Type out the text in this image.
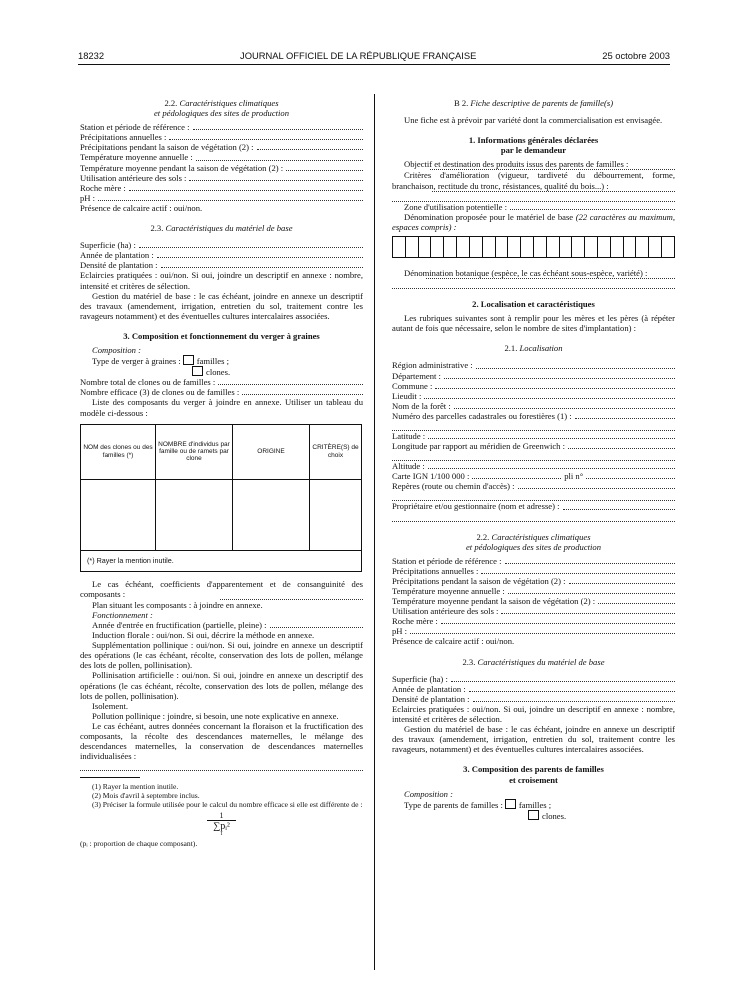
18232	JOURNAL OFFICIEL DE LA RÉPUBLIQUE FRANÇAISE	25 octobre 2003

2.2. Caractéristiques climatiques

et pédologiques des sites de production

Station et période de référence :
Précipitations annuelles :
Précipitations pendant la saison de végétation (2) :
Température moyenne annuelle :
Température moyenne pendant la saison de végétation (2) :
Utilisation antérieure des sols :
Roche mère :
pH :

Présence de calcaire actif : oui/non.

2.3. Caractéristiques du matériel de base

Superficie (ha) :
Année de plantation :
Densité de plantation :

Eclaircies pratiquées : oui/non. Si oui, joindre un descriptif en annexe : nombre, intensité et critères de sélection.

Gestion du matériel de base : le cas échéant, joindre en annexe un descriptif des travaux (amendement, irrigation, entretien du sol, traitement contre les ravageurs notamment) et des éventuelles cultures intercalaires associées.

3. Composition et fonctionnement du verger à graines

Composition :

Type de verger à graines : familles ;

clones.

Nombre total de clones ou de familles :
Nombre efficace (3) de clones ou de familles :

Liste des composants du verger à joindre en annexe. Utiliser un tableau du modèle ci-dessous :

NOM des clones ou des familles (*)	NOMBRE d'individus par famille ou de ramets par clone	ORIGINE	CRITÈRE(S) de choix

(*) Rayer la mention inutile.			

Le cas échéant, coefficients d'apparentement et de consanguinité des composants :

Plan situant les composants : à joindre en annexe.

Fonctionnement :

Année d'entrée en fructification (partielle, pleine) :

Induction florale : oui/non. Si oui, décrire la méthode en annexe.

Supplémentation pollinique : oui/non. Si oui, joindre en annexe un descriptif des opérations (le cas échéant, récolte, conservation des lots de pollen, mélange des lots de pollen, pollinisation).

Pollinisation artificielle : oui/non. Si oui, joindre en annexe un descriptif des opérations (le cas échéant, récolte, conservation des lots de pollen, mélange des lots de pollen, pollinisation).

Isolement.

Pollution pollinique : joindre, si besoin, une note explicative en annexe.

Le cas échéant, autres données concernant la floraison et la fructification des composants, la récolte des descendances maternelles, le mélange des descendances maternelles, la conservation de descendances maternelles individualisées :

(1) Rayer la mention inutile.

(2) Mois d'avril à septembre inclus.

(3) Préciser la formule utilisée pour le calcul du nombre efficace si elle est différente de :

1
∑pᵢ²
i

(pᵢ : proportion de chaque composant).

B 2. Fiche descriptive de parents de famille(s)

Une fiche est à prévoir par variété dont la commercialisation est envisagée.

1. Informations générales déclarées

par le demandeur

Objectif et destination des produits issus des parents de familles :

Critères d'amélioration (vigueur, tardiveté du débourrement, forme, branchaison, rectitude du tronc, résistances, qualité du bois...) :

Zone d'utilisation potentielle :

Dénomination proposée pour le matériel de base (22 caractères au maximum, espaces compris) :

Dénomination botanique (espèce, le cas échéant sous-espèce, variété) :

2. Localisation et caractéristiques

Les rubriques suivantes sont à remplir pour les mères et les pères (à répéter autant de fois que nécessaire, selon le nombre de sites d'implantation) :

2.1. Localisation

Région administrative :
Département :
Commune :
Lieudit :
Nom de la forêt :
Numéro des parcelles cadastrales ou forestières (1) :
Latitude :
Longitude par rapport au méridien de Greenwich :
Altitude :
Carte IGN 1/100 000 :	pli n°
Repères (route ou chemin d'accès) :
Propriétaire et/ou gestionnaire (nom et adresse) :

2.2. Caractéristiques climatiques

et pédologiques des sites de production

Station et période de référence :
Précipitations annuelles :
Précipitations pendant la saison de végétation (2) :
Température moyenne annuelle :
Température moyenne pendant la saison de végétation (2) :
Utilisation antérieure des sols :
Roche mère :
pH :

Présence de calcaire actif : oui/non.

2.3. Caractéristiques du matériel de base

Superficie (ha) :
Année de plantation :
Densité de plantation :

Eclaircies pratiquées : oui/non. Si oui, joindre un descriptif en annexe : nombre, intensité et critères de sélection.

Gestion du matériel de base : le cas échéant, joindre en annexe un descriptif des travaux (amendement, irrigation, entretien du sol, traitement contre les ravageurs, notamment) et des éventuelles cultures intercalaires associées.

3. Composition des parents de familles

et croisement

Composition :

Type de parents de familles : familles ;

clones.
